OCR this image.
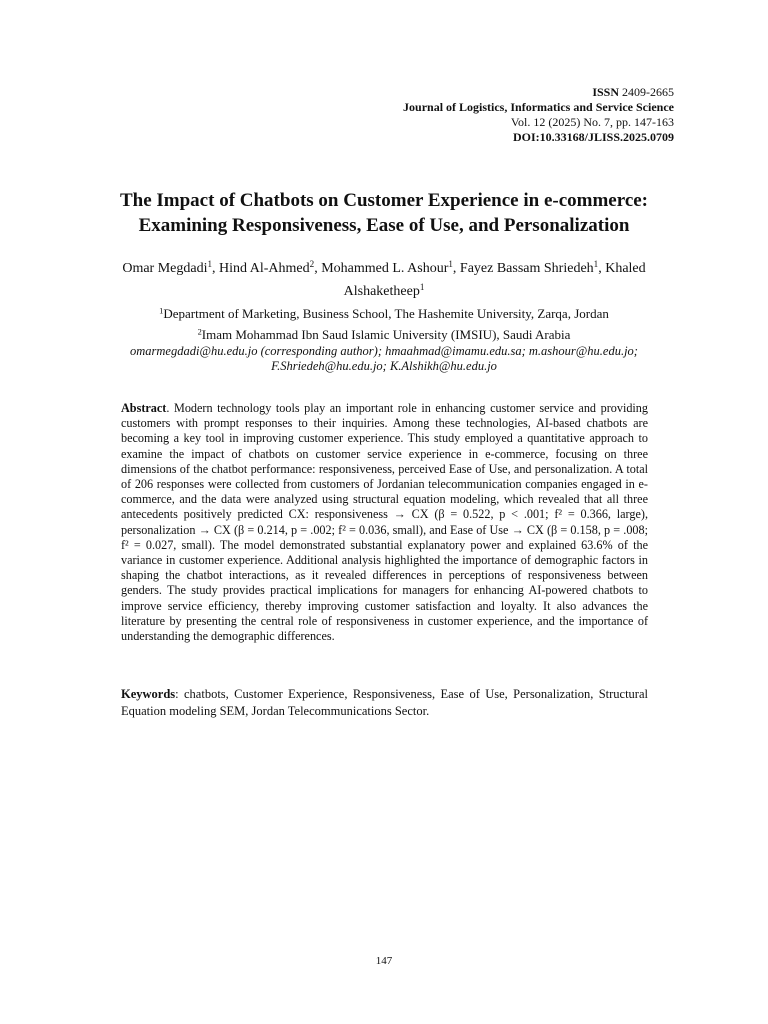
ISSN 2409-2665
Journal of Logistics, Informatics and Service Science
Vol. 12 (2025) No. 7, pp. 147-163
DOI:10.33168/JLISS.2025.0709
The Impact of Chatbots on Customer Experience in e-commerce:
Examining Responsiveness, Ease of Use, and Personalization
Omar Megdadi$^1$, Hind Al-Ahmed$^2$, Mohammed L. Ashour$^1$, Fayez Bassam Shriedeh$^1$, Khaled
Alshaketheep$^1$
$^1$Department of Marketing, Business School, The Hashemite University, Zarqa, Jordan
$^2$Imam Mohammad Ibn Saud Islamic University (IMSIU), Saudi Arabia
omarmegdadi@hu.edu.jo (corresponding author); hmaahmad@imamu.edu.sa; m.ashour@hu.edu.jo;
F.Shriedeh@hu.edu.jo; K.Alshikh@hu.edu.jo
Abstract. Modern technology tools play an important role in enhancing customer service and providing customers with prompt responses to their inquiries. Among these technologies, AI-based chatbots are becoming a key tool in improving customer experience. This study employed a quantitative approach to examine the impact of chatbots on customer service experience in e-commerce, focusing on three dimensions of the chatbot performance: responsiveness, perceived Ease of Use, and personalization. A total of 206 responses were collected from customers of Jordanian telecommunication companies engaged in e-commerce, and the data were analyzed using structural equation modeling, which revealed that all three antecedents positively predicted CX: responsiveness → CX (β = 0.522, p < .001; f² = 0.366, large), personalization → CX (β = 0.214, p = .002; f² = 0.036, small), and Ease of Use → CX (β = 0.158, p = .008; f² = 0.027, small). The model demonstrated substantial explanatory power and explained 63.6% of the variance in customer experience. Additional analysis highlighted the importance of demographic factors in shaping the chatbot interactions, as it revealed differences in perceptions of responsiveness between genders. The study provides practical implications for managers for enhancing AI-powered chatbots to improve service efficiency, thereby improving customer satisfaction and loyalty. It also advances the literature by presenting the central role of responsiveness in customer experience, and the importance of understanding the demographic differences.
Keywords: chatbots, Customer Experience, Responsiveness, Ease of Use, Personalization, Structural Equation modeling SEM, Jordan Telecommunications Sector.
147
